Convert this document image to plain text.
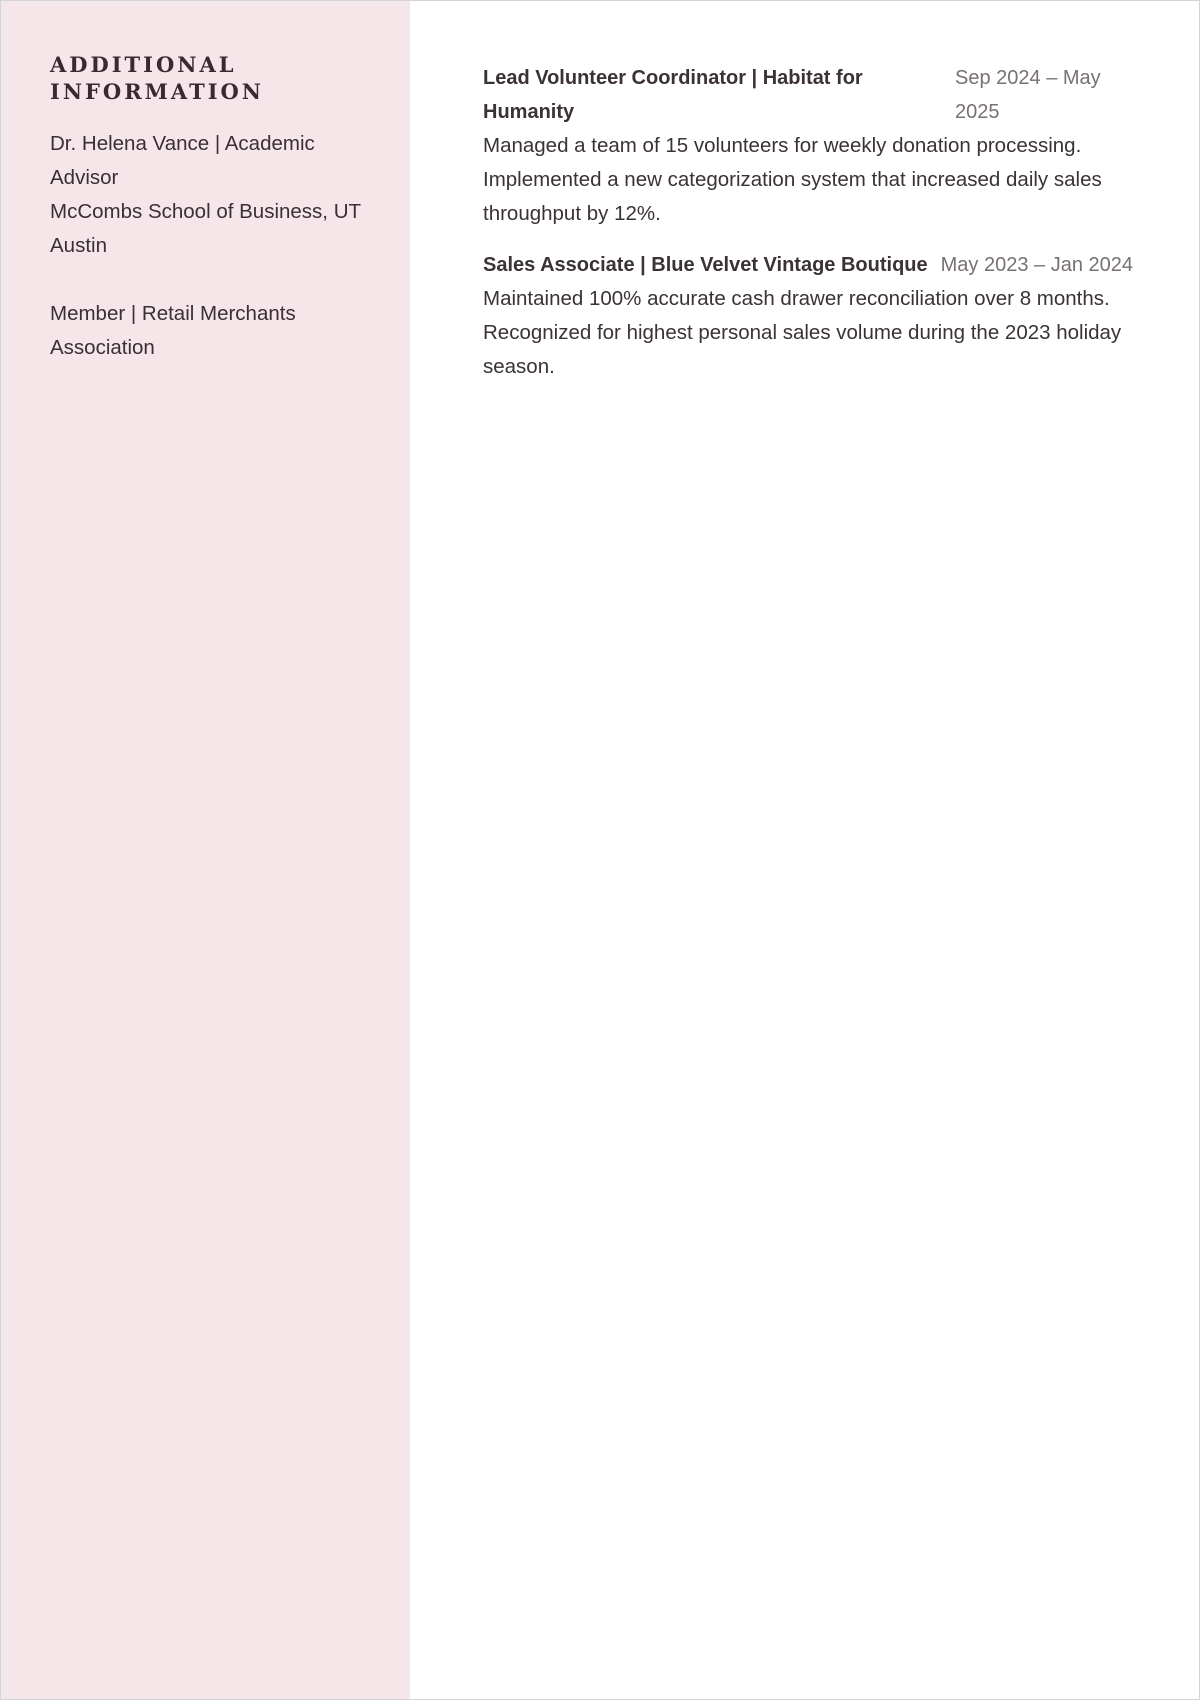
ADDITIONAL INFORMATION

Dr. Helena Vance | Academic Advisor

McCombs School of Business, UT Austin

Member | Retail Merchants Association

Lead Volunteer Coordinator | Habitat for Humanity
Sep 2024 – May 2025

Managed a team of 15 volunteers for weekly donation processing. Implemented a new categorization system that increased daily sales throughput by 12%.

Sales Associate | Blue Velvet Vintage Boutique May 2023 – Jan 2024

Maintained 100% accurate cash drawer reconciliation over 8 months. Recognized for highest personal sales volume during the 2023 holiday season.
